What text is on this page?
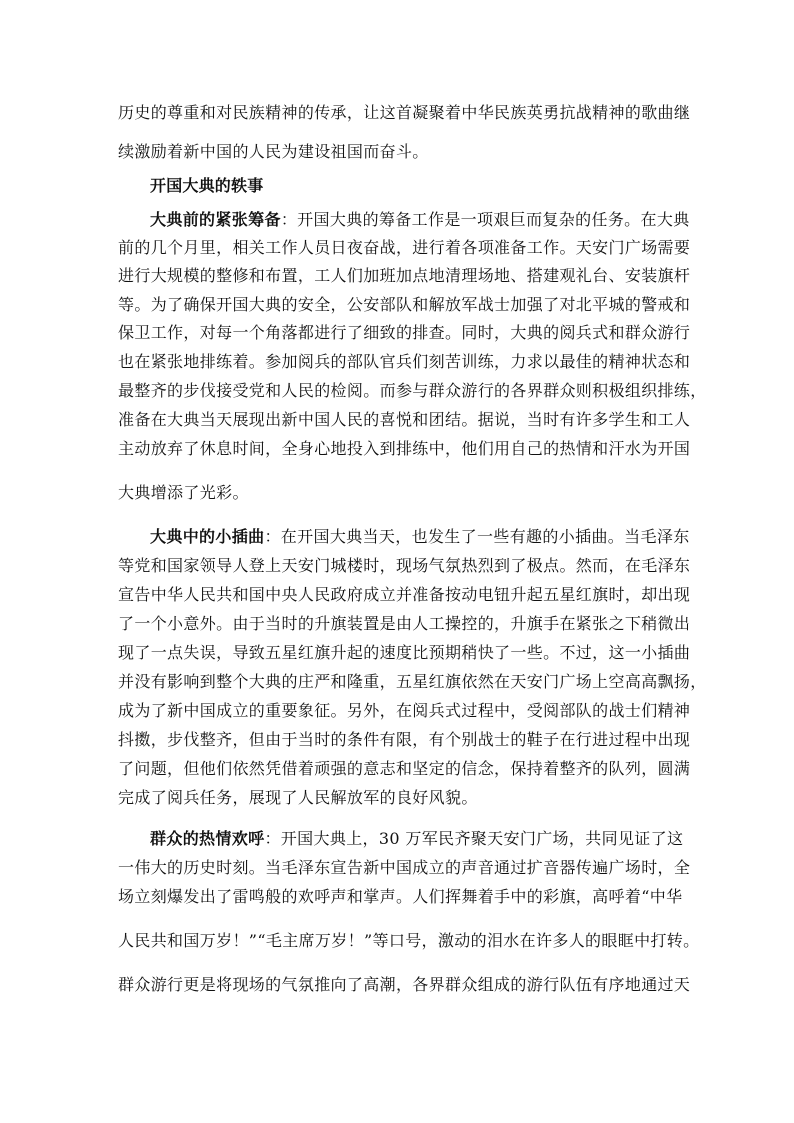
历史的尊重和对民族精神的传承，让这首凝聚着中华民族英勇抗战精神的歌曲继
续激励着新中国的人民为建设祖国而奋斗。
开国大典的轶事
大典前的紧张筹备：开国大典的筹备工作是一项艰巨而复杂的任务。在大典
前的几个月里，相关工作人员日夜奋战，进行着各项准备工作。天安门广场需要
进行大规模的整修和布置，工人们加班加点地清理场地、搭建观礼台、安装旗杆
等。为了确保开国大典的安全，公安部队和解放军战士加强了对北平城的警戒和
保卫工作，对每一个角落都进行了细致的排查。同时，大典的阅兵式和群众游行
也在紧张地排练着。参加阅兵的部队官兵们刻苦训练，力求以最佳的精神状态和
最整齐的步伐接受党和人民的检阅。而参与群众游行的各界群众则积极组织排练，
准备在大典当天展现出新中国人民的喜悦和团结。据说，当时有许多学生和工人
主动放弃了休息时间，全身心地投入到排练中，他们用自己的热情和汗水为开国
大典增添了光彩。
大典中的小插曲：在开国大典当天，也发生了一些有趣的小插曲。当毛泽东
等党和国家领导人登上天安门城楼时，现场气氛热烈到了极点。然而，在毛泽东
宣告中华人民共和国中央人民政府成立并准备按动电钮升起五星红旗时，却出现
了一个小意外。由于当时的升旗装置是由人工操控的，升旗手在紧张之下稍微出
现了一点失误，导致五星红旗升起的速度比预期稍快了一些。不过，这一小插曲
并没有影响到整个大典的庄严和隆重，五星红旗依然在天安门广场上空高高飘扬，
成为了新中国成立的重要象征。另外，在阅兵式过程中，受阅部队的战士们精神
抖擞，步伐整齐，但由于当时的条件有限，有个别战士的鞋子在行进过程中出现
了问题，但他们依然凭借着顽强的意志和坚定的信念，保持着整齐的队列，圆满
完成了阅兵任务，展现了人民解放军的良好风貌。
群众的热情欢呼：开国大典上，30 万军民齐聚天安门广场，共同见证了这
一伟大的历史时刻。当毛泽东宣告新中国成立的声音通过扩音器传遍广场时，全
场立刻爆发出了雷鸣般的欢呼声和掌声。人们挥舞着手中的彩旗，高呼着“中华
人民共和国万岁！”“毛主席万岁！”等口号，激动的泪水在许多人的眼眶中打转。
群众游行更是将现场的气氛推向了高潮，各界群众组成的游行队伍有序地通过天
